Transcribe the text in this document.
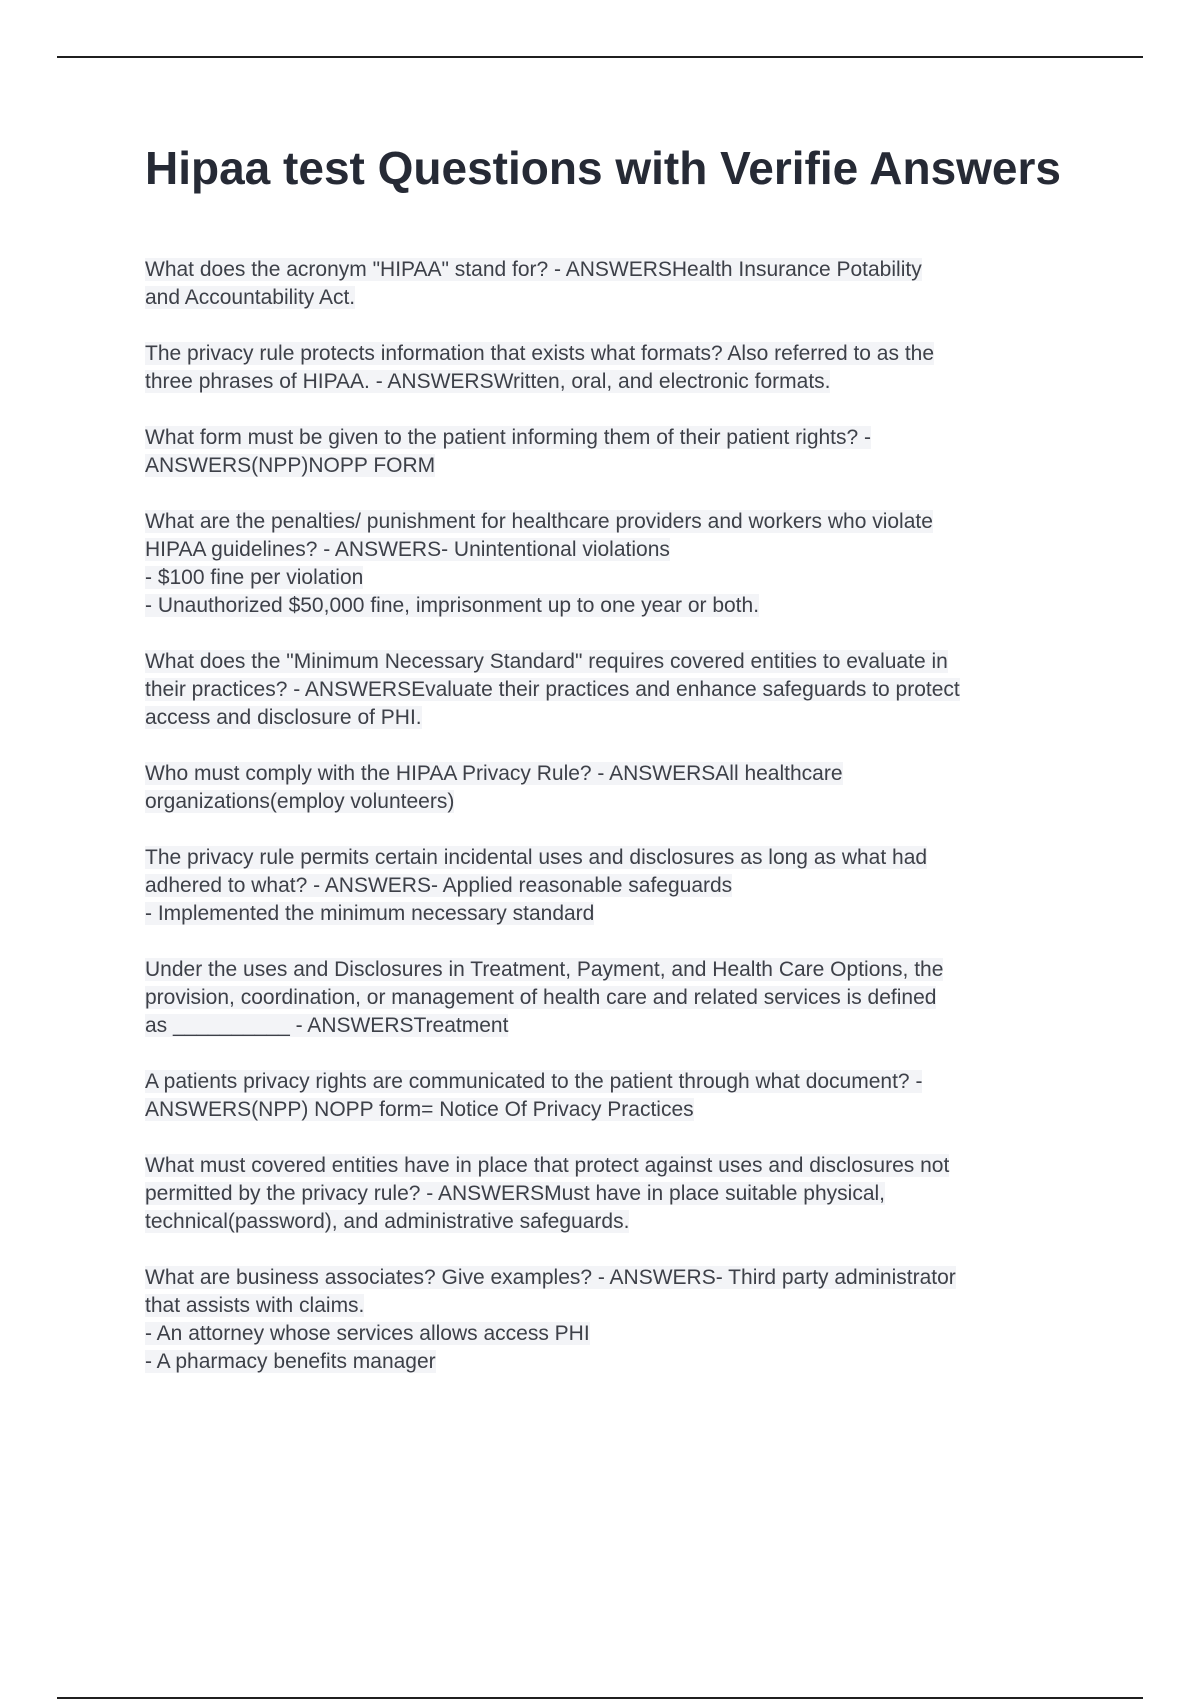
Hipaa test Questions with Verifie Answers
What does the acronym "HIPAA" stand for? - ANSWERSHealth Insurance Potability
and Accountability Act.
The privacy rule protects information that exists what formats? Also referred to as the
three phrases of HIPAA. - ANSWERSWritten, oral, and electronic formats.
What form must be given to the patient informing them of their patient rights? -
ANSWERS(NPP)NOPP FORM
What are the penalties/ punishment for healthcare providers and workers who violate
HIPAA guidelines? - ANSWERS- Unintentional violations
- $100 fine per violation
- Unauthorized $50,000 fine, imprisonment up to one year or both.
What does the "Minimum Necessary Standard" requires covered entities to evaluate in
their practices? - ANSWERSEvaluate their practices and enhance safeguards to protect
access and disclosure of PHI.
Who must comply with the HIPAA Privacy Rule? - ANSWERSAll healthcare
organizations(employ volunteers)
The privacy rule permits certain incidental uses and disclosures as long as what had
adhered to what? - ANSWERS- Applied reasonable safeguards
- Implemented the minimum necessary standard
Under the uses and Disclosures in Treatment, Payment, and Health Care Options, the
provision, coordination, or management of health care and related services is defined
as __________ - ANSWERSTreatment
A patients privacy rights are communicated to the patient through what document? -
ANSWERS(NPP) NOPP form= Notice Of Privacy Practices
What must covered entities have in place that protect against uses and disclosures not
permitted by the privacy rule? - ANSWERSMust have in place suitable physical,
technical(password), and administrative safeguards.
What are business associates? Give examples? - ANSWERS- Third party administrator
that assists with claims.
- An attorney whose services allows access PHI
- A pharmacy benefits manager
